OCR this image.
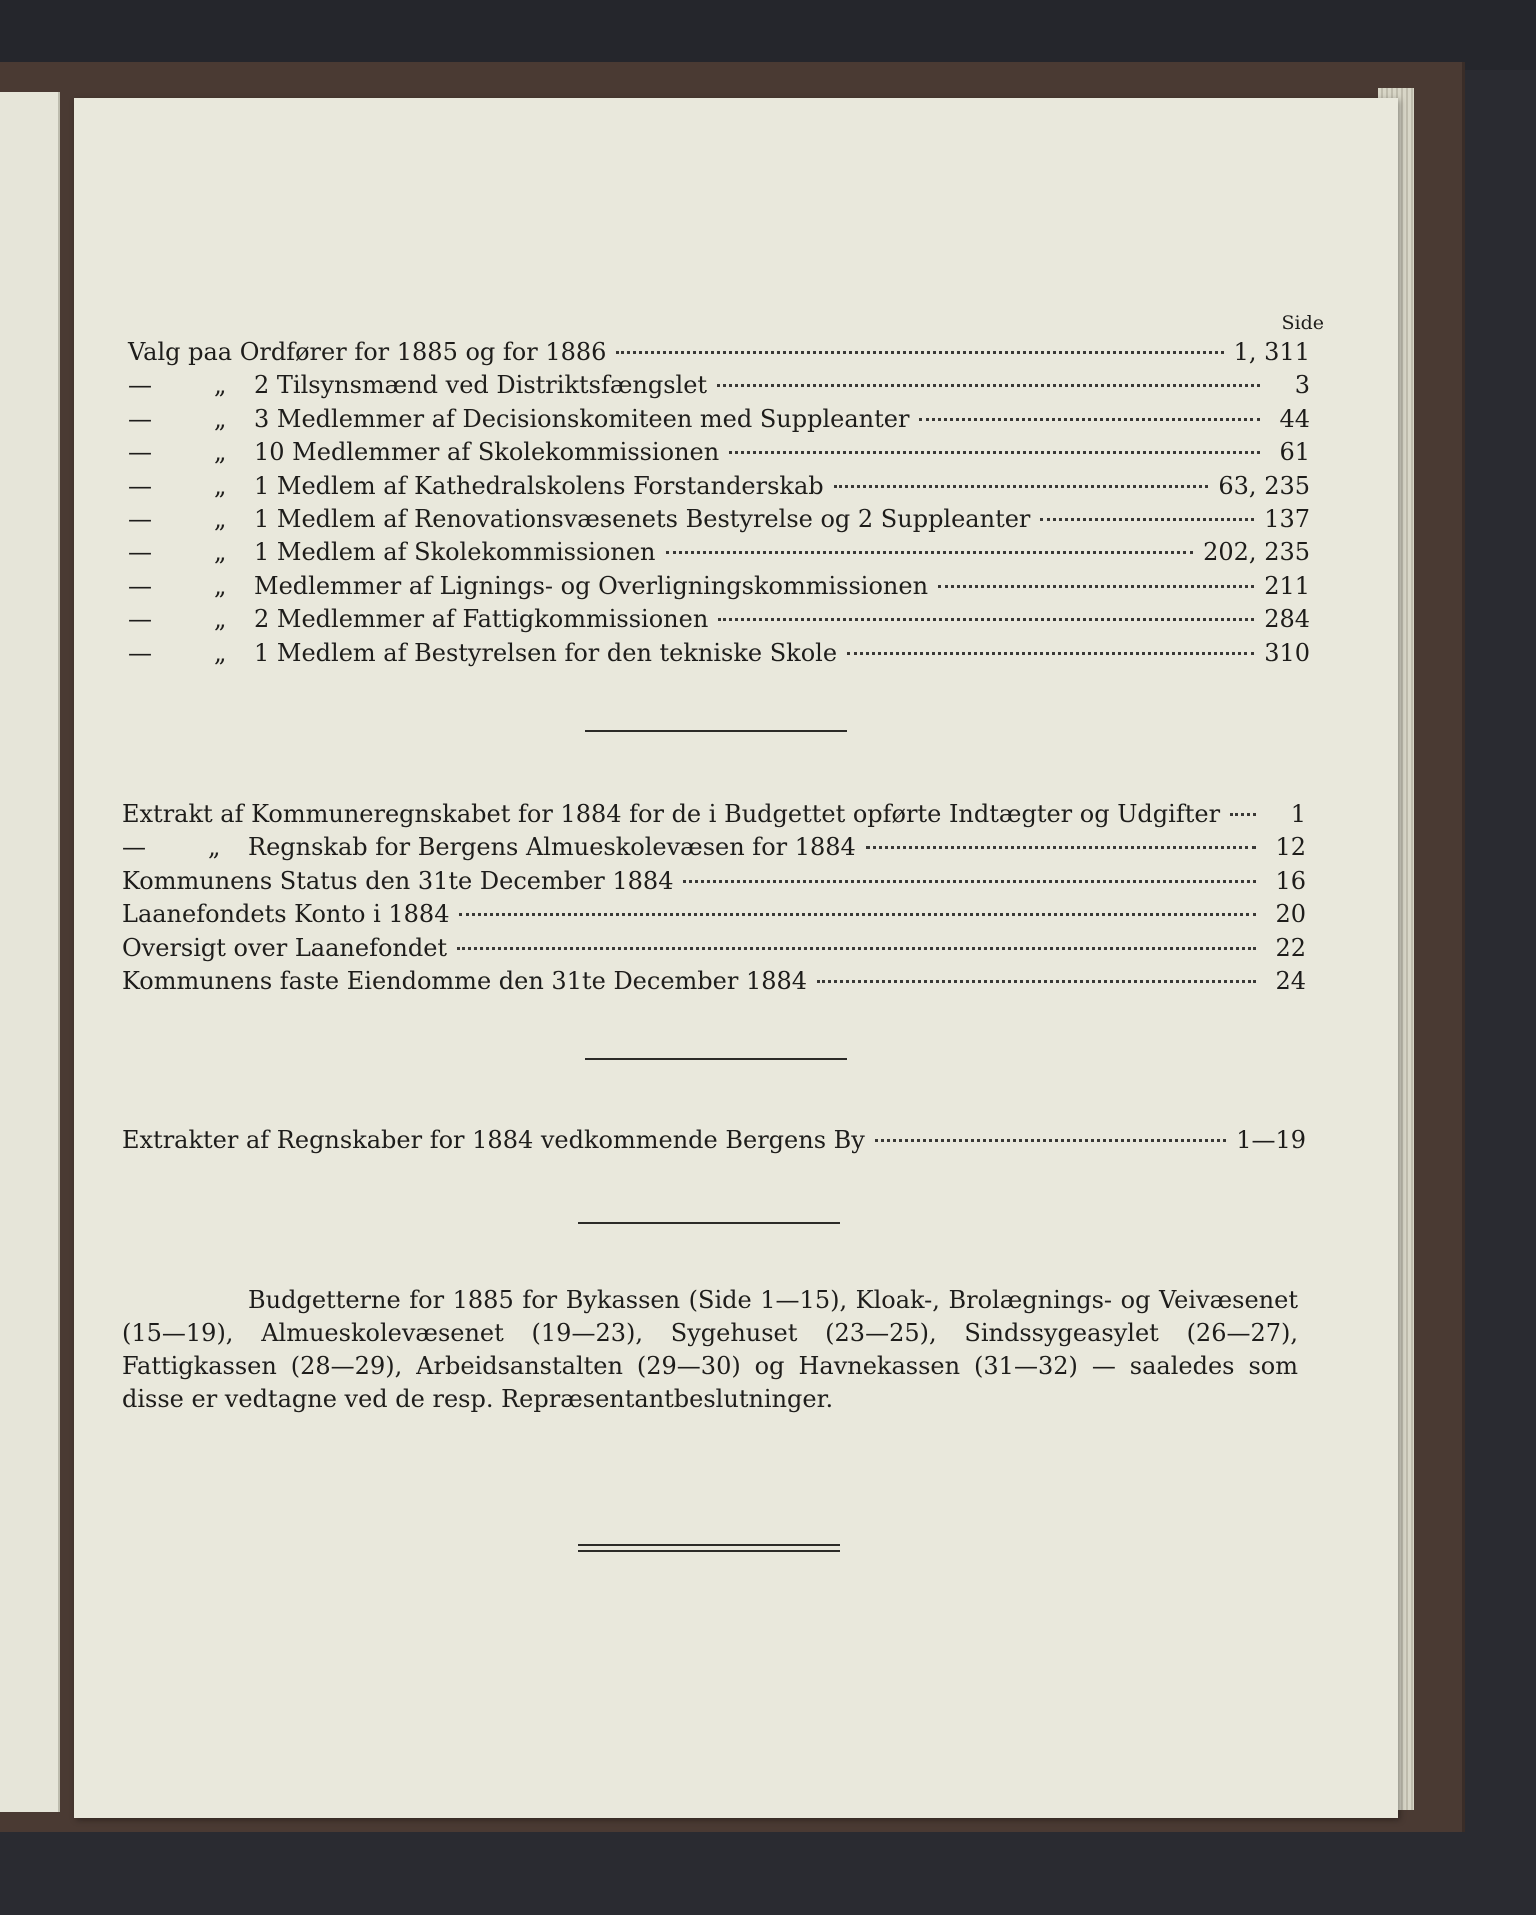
Side
Valg paa Ordfører for 1885 og for 1886	1, 311
—	„ 2 Tilsynsmænd ved Distriktsfængslet	3
—	„ 3 Medlemmer af Decisionskomiteen med Suppleanter	44
—	„ 10 Medlemmer af Skolekommissionen	61
—	„ 1 Medlem af Kathedralskolens Forstanderskab	63, 235
—	„ 1 Medlem af Renovationsvæsenets Bestyrelse og 2 Suppleanter	137
—	„ 1 Medlem af Skolekommissionen	202, 235
—	„ Medlemmer af Lignings- og Overligningskommissionen	211
—	„ 2 Medlemmer af Fattigkommissionen	284
—	„ 1 Medlem af Bestyrelsen for den tekniske Skole	310
Extrakt af Kommuneregnskabet for 1884 for de i Budgettet opførte Indtægter og Udgifter	1
—	„ Regnskab for Bergens Almueskolevæsen for 1884	12
Kommunens Status den 31te December 1884	16
Laanefondets Konto i 1884	20
Oversigt over Laanefondet	22
Kommunens faste Eiendomme den 31te December 1884	24
Extrakter af Regnskaber for 1884 vedkommende Bergens By	1—19
Budgetterne for 1885 for Bykassen (Side 1—15), Kloak-, Brolægnings- og Veivæsenet (15—19), Almueskolevæsenet (19—23), Sygehuset (23—25), Sindssygeasylet (26—27), Fattigkassen (28—29), Arbeidsanstalten (29—30) og Havnekassen (31—32) — saaledes som disse er vedtagne ved de resp. Repræsentantbeslutninger.
